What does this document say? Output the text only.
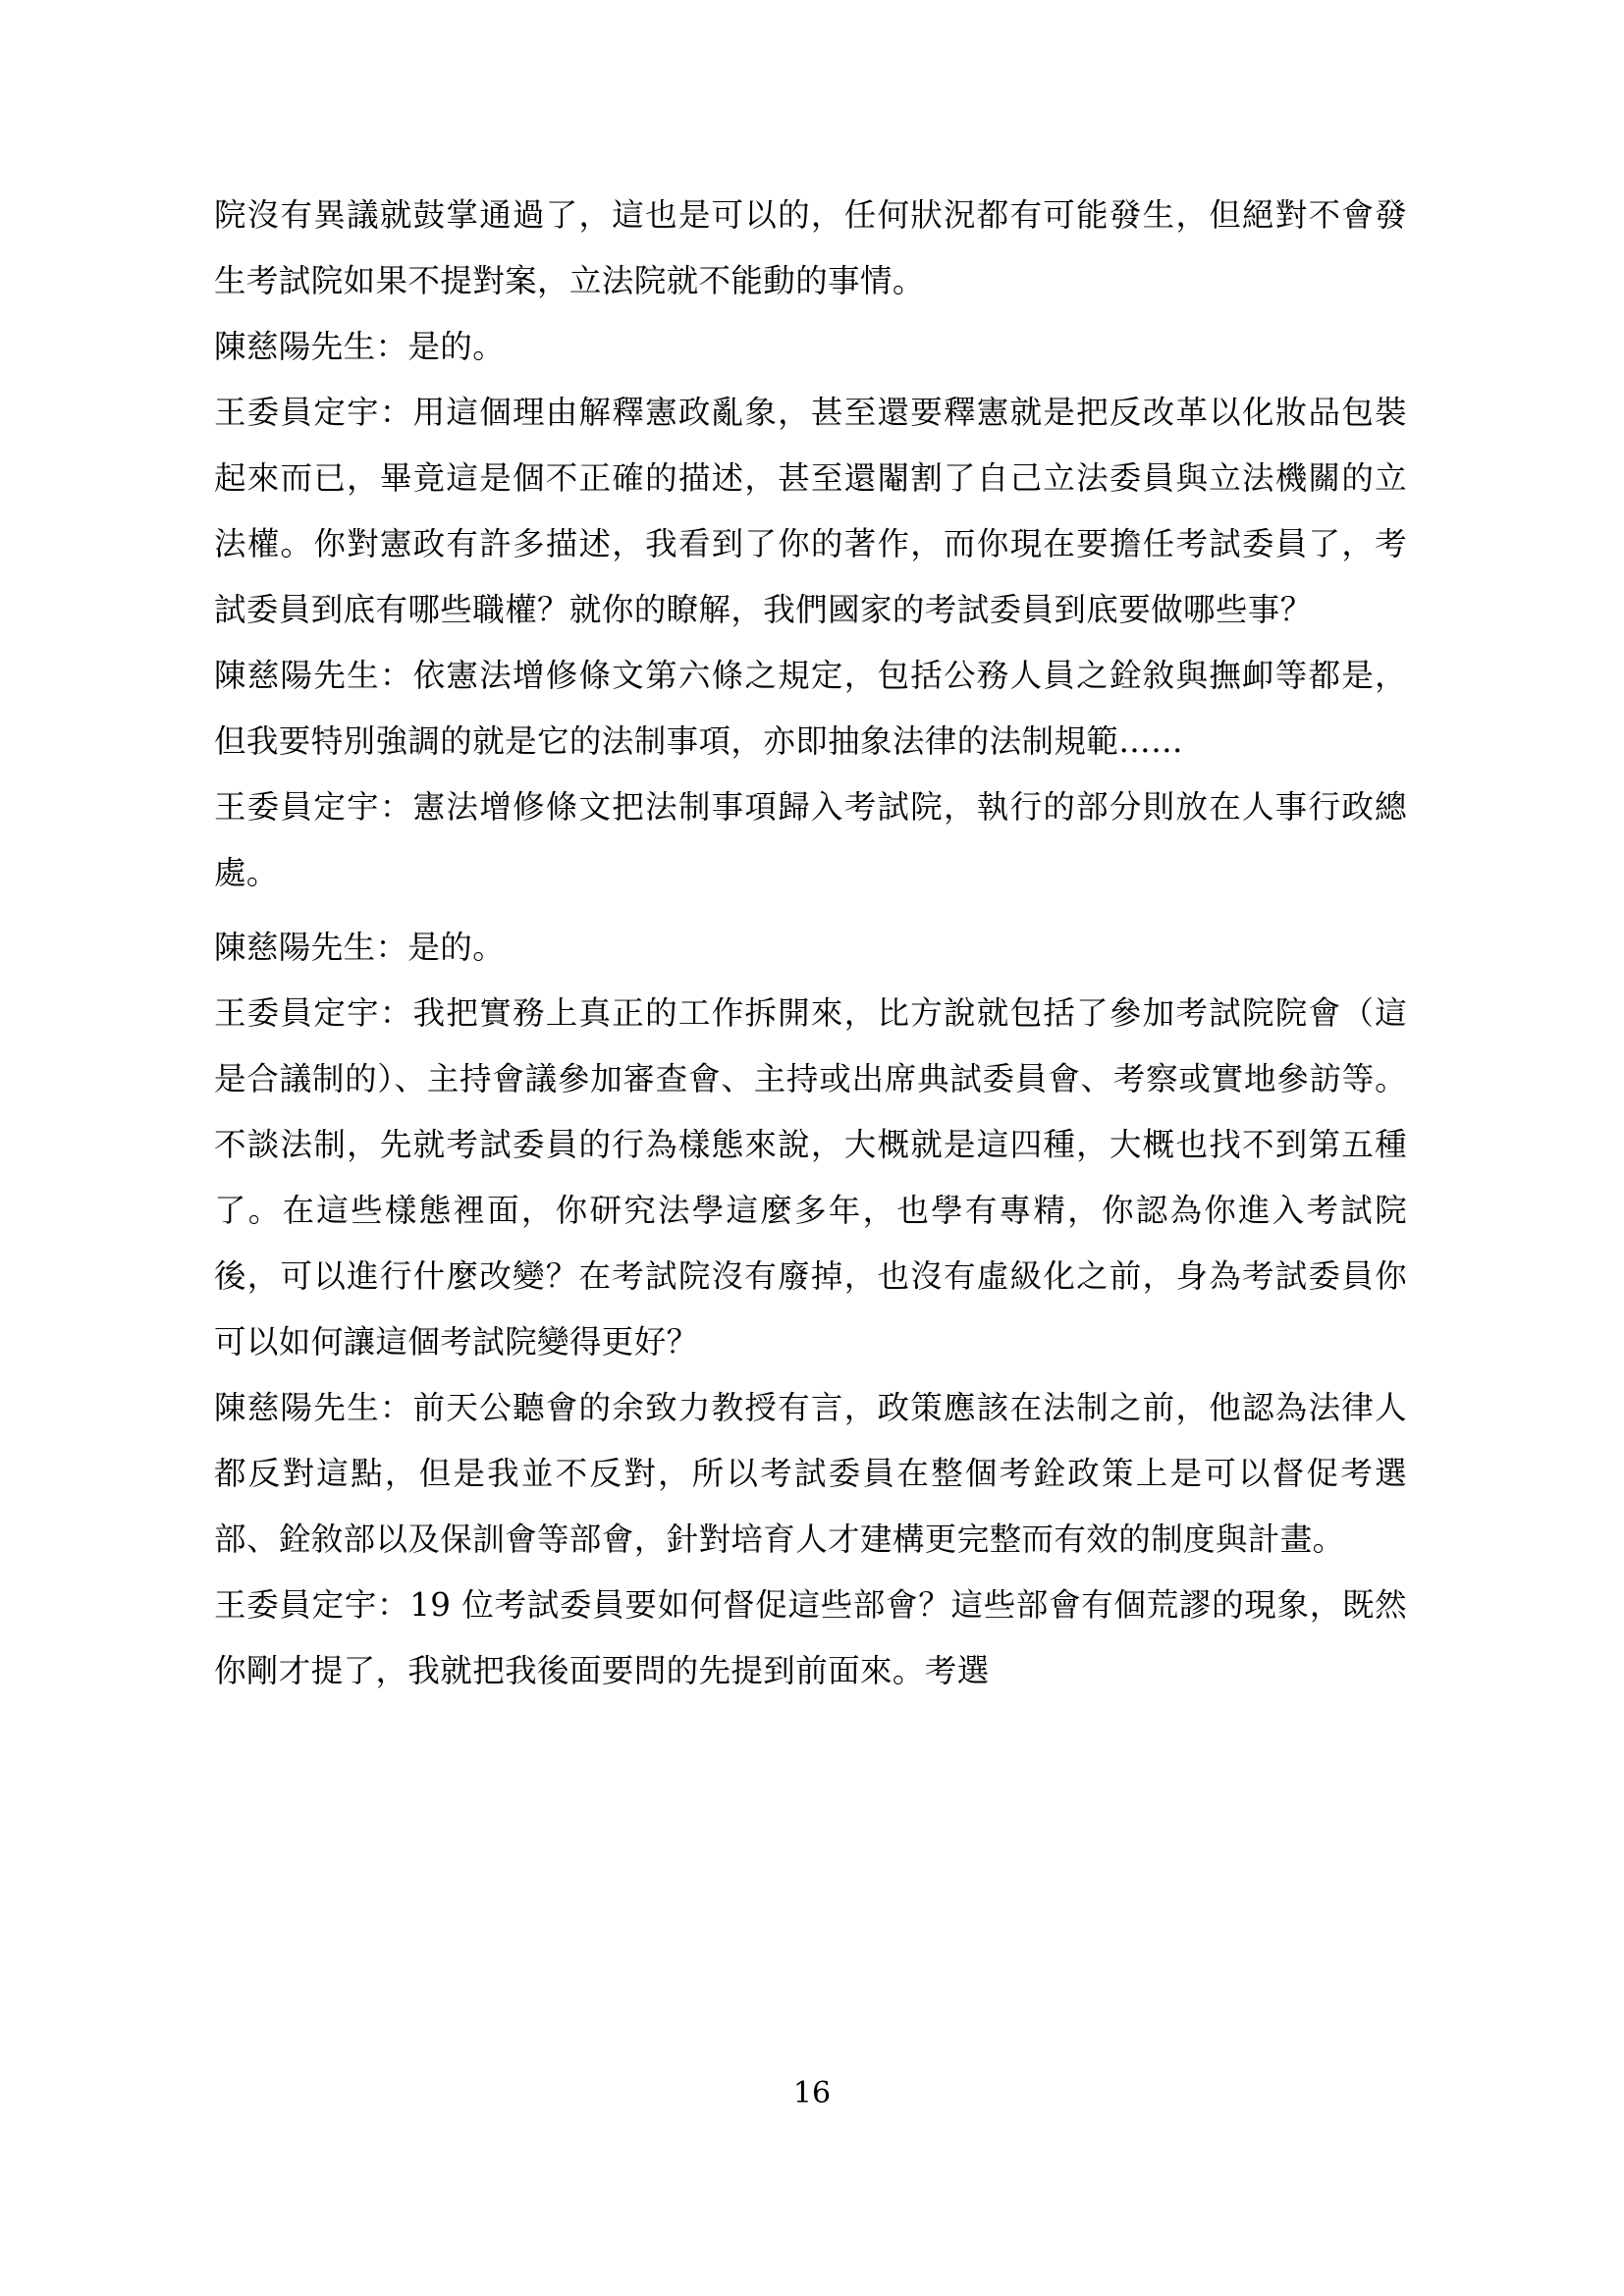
院沒有異議就鼓掌通過了，這也是可以的，任何狀況都有可能發生，但絕對不會發生考試院如果不提對案，立法院就不能動的事情。

陳慈陽先生：是的。

王委員定宇：用這個理由解釋憲政亂象，甚至還要釋憲就是把反改革以化妝品包裝起來而已，畢竟這是個不正確的描述，甚至還閹割了自己立法委員與立法機關的立法權。你對憲政有許多描述，我看到了你的著作，而你現在要擔任考試委員了，考試委員到底有哪些職權？就你的瞭解，我們國家的考試委員到底要做哪些事？

陳慈陽先生：依憲法增修條文第六條之規定，包括公務人員之銓敘與撫卹等都是，但我要特別強調的就是它的法制事項，亦即抽象法律的法制規範……

王委員定宇：憲法增修條文把法制事項歸入考試院，執行的部分則放在人事行政總處。

陳慈陽先生：是的。

王委員定宇：我把實務上真正的工作拆開來，比方說就包括了參加考試院院會（這是合議制的）、主持會議參加審查會、主持或出席典試委員會、考察或實地參訪等。不談法制，先就考試委員的行為樣態來說，大概就是這四種，大概也找不到第五種了。在這些樣態裡面，你研究法學這麼多年，也學有專精，你認為你進入考試院後，可以進行什麼改變？在考試院沒有廢掉，也沒有虛級化之前，身為考試委員你可以如何讓這個考試院變得更好？

陳慈陽先生：前天公聽會的余致力教授有言，政策應該在法制之前，他認為法律人都反對這點，但是我並不反對，所以考試委員在整個考銓政策上是可以督促考選部、銓敘部以及保訓會等部會，針對培育人才建構更完整而有效的制度與計畫。

王委員定宇：19 位考試委員要如何督促這些部會？這些部會有個荒謬的現象，既然你剛才提了，我就把我後面要問的先提到前面來。考選

16
